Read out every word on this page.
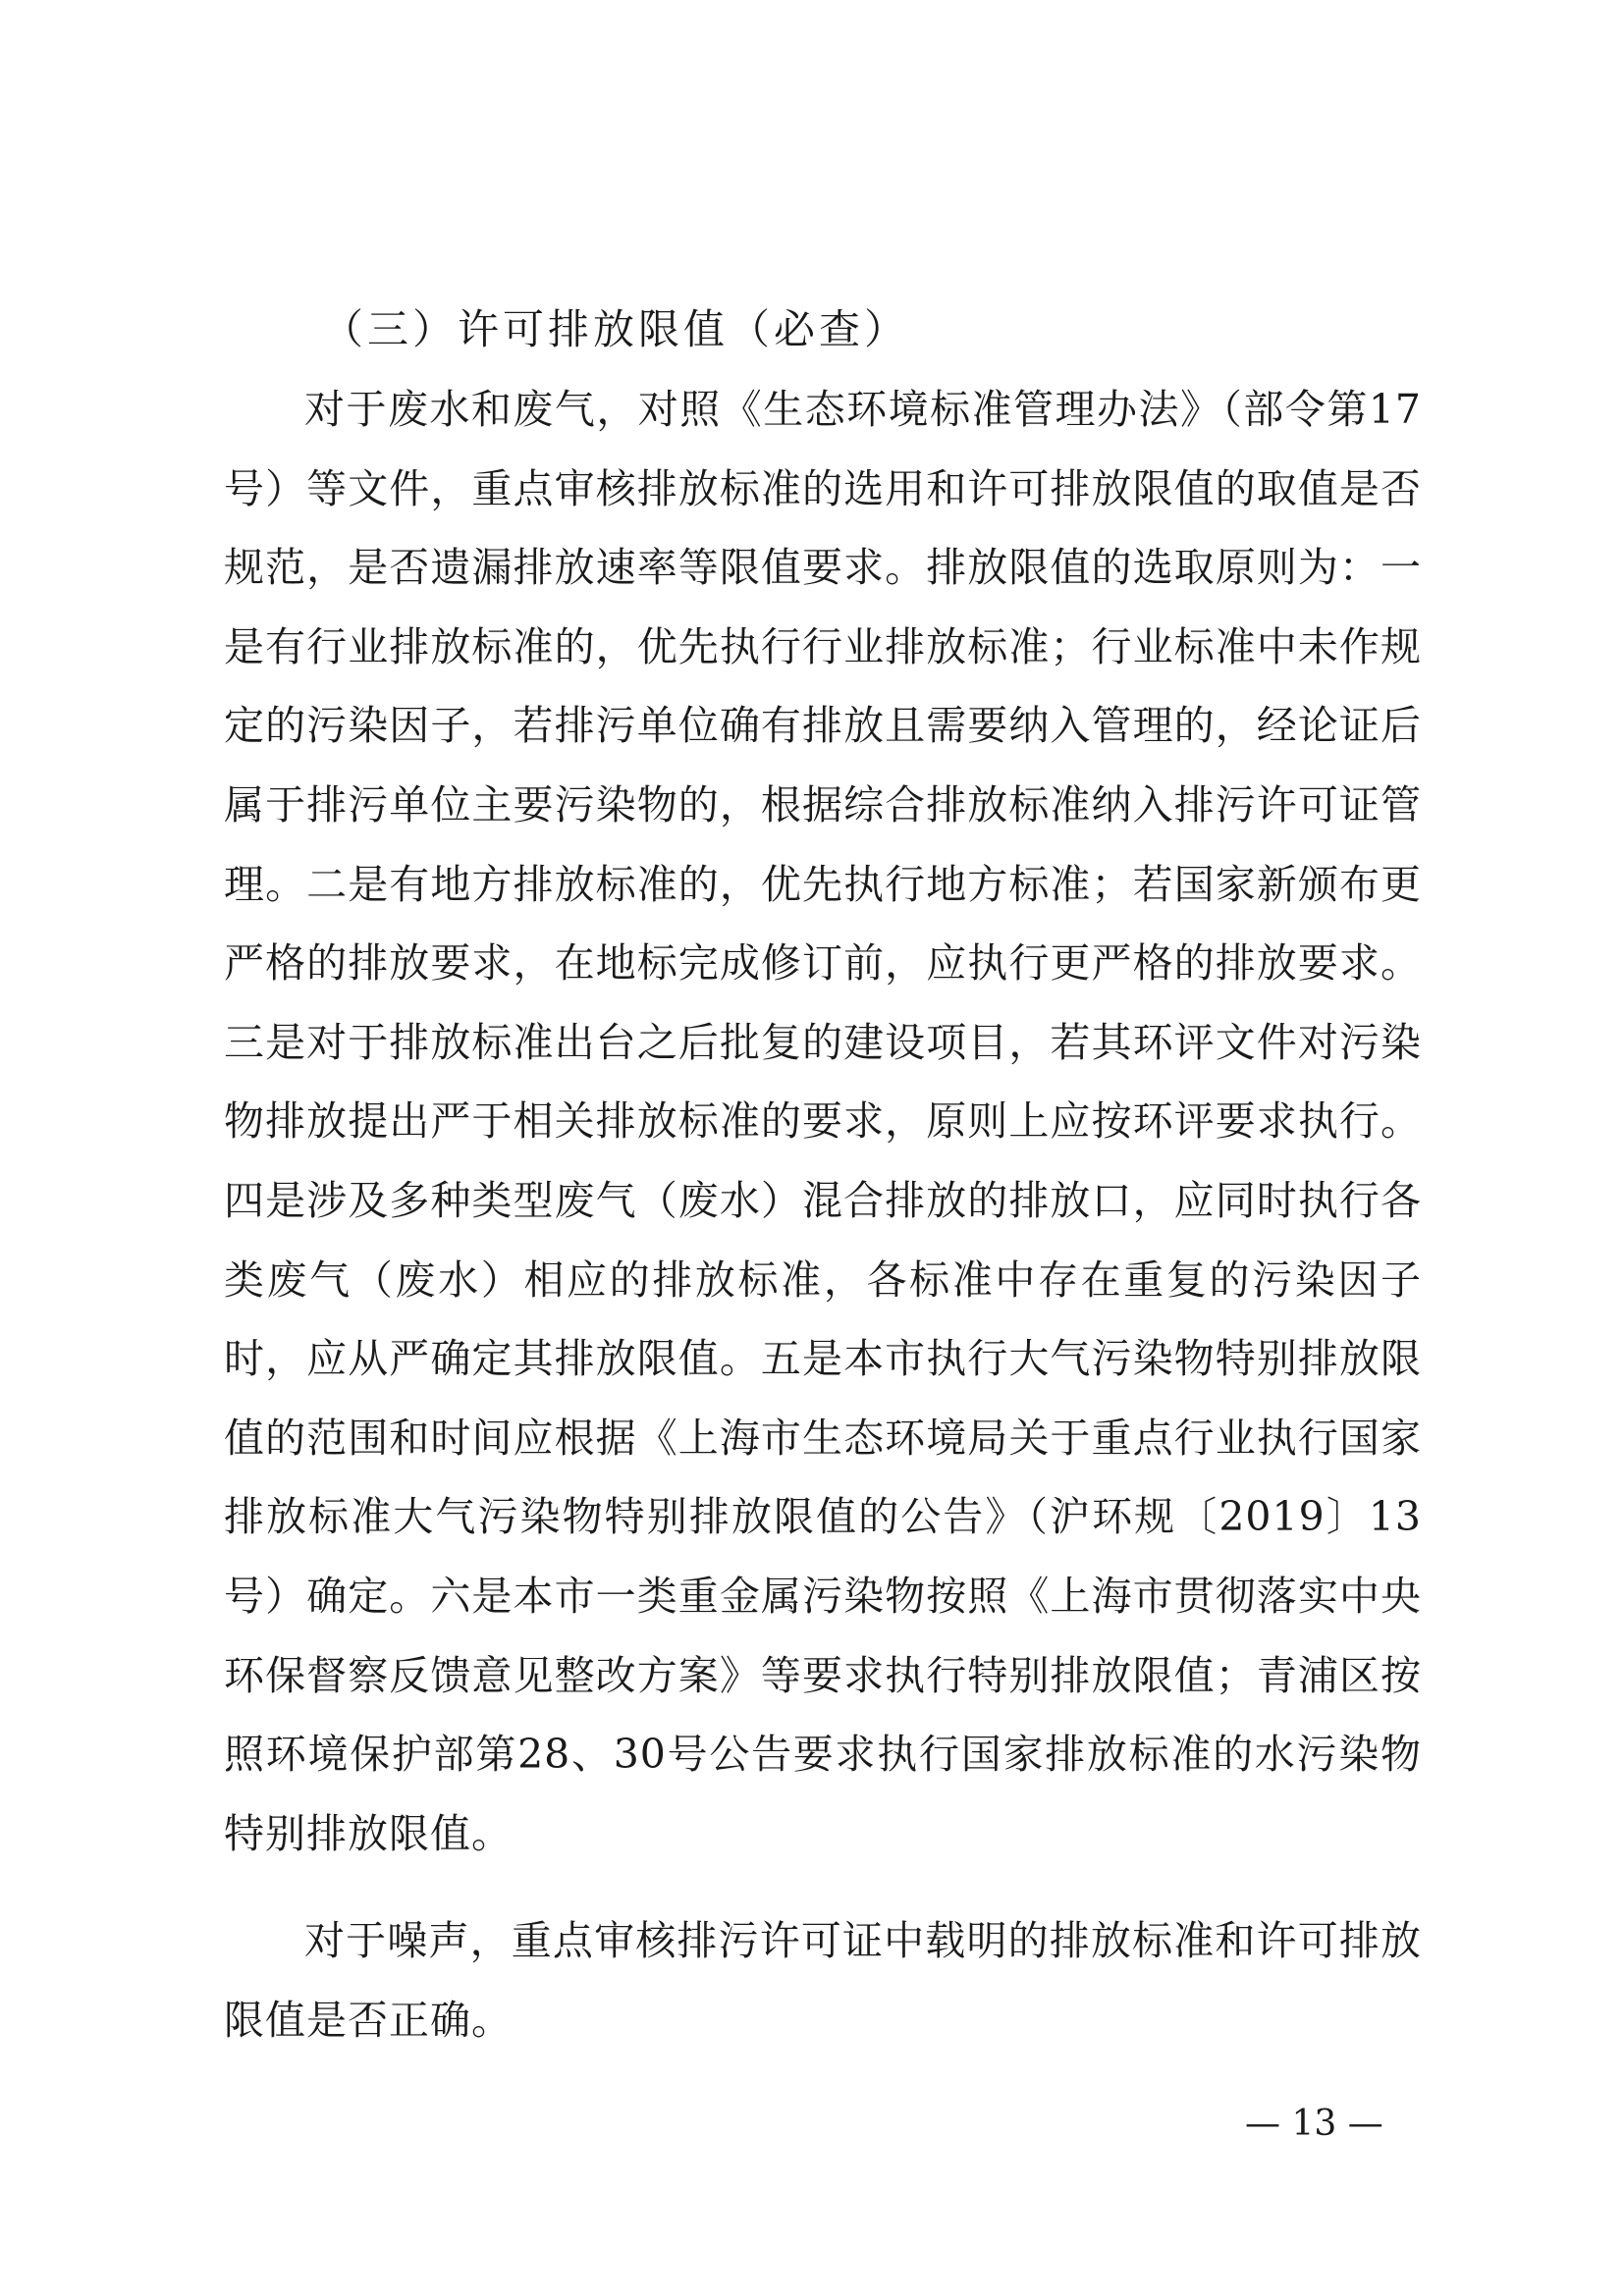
（三）许可排放限值（必查）

对于废水和废气，对照《生态环境标准管理办法》（部令第17号）等文件，重点审核排放标准的选用和许可排放限值的取值是否规范，是否遗漏排放速率等限值要求。排放限值的选取原则为：一是有行业排放标准的，优先执行行业排放标准；行业标准中未作规定的污染因子，若排污单位确有排放且需要纳入管理的，经论证后属于排污单位主要污染物的，根据综合排放标准纳入排污许可证管理。二是有地方排放标准的，优先执行地方标准；若国家新颁布更严格的排放要求，在地标完成修订前，应执行更严格的排放要求。三是对于排放标准出台之后批复的建设项目，若其环评文件对污染物排放提出严于相关排放标准的要求，原则上应按环评要求执行。四是涉及多种类型废气（废水）混合排放的排放口，应同时执行各类废气（废水）相应的排放标准，各标准中存在重复的污染因子时，应从严确定其排放限值。五是本市执行大气污染物特别排放限值的范围和时间应根据《上海市生态环境局关于重点行业执行国家排放标准大气污染物特别排放限值的公告》（沪环规〔2019〕13号）确定。六是本市一类重金属污染物按照《上海市贯彻落实中央环保督察反馈意见整改方案》等要求执行特别排放限值；青浦区按照环境保护部第28、30号公告要求执行国家排放标准的水污染物特别排放限值。

对于噪声，重点审核排污许可证中载明的排放标准和许可排放限值是否正确。

— 13 —
